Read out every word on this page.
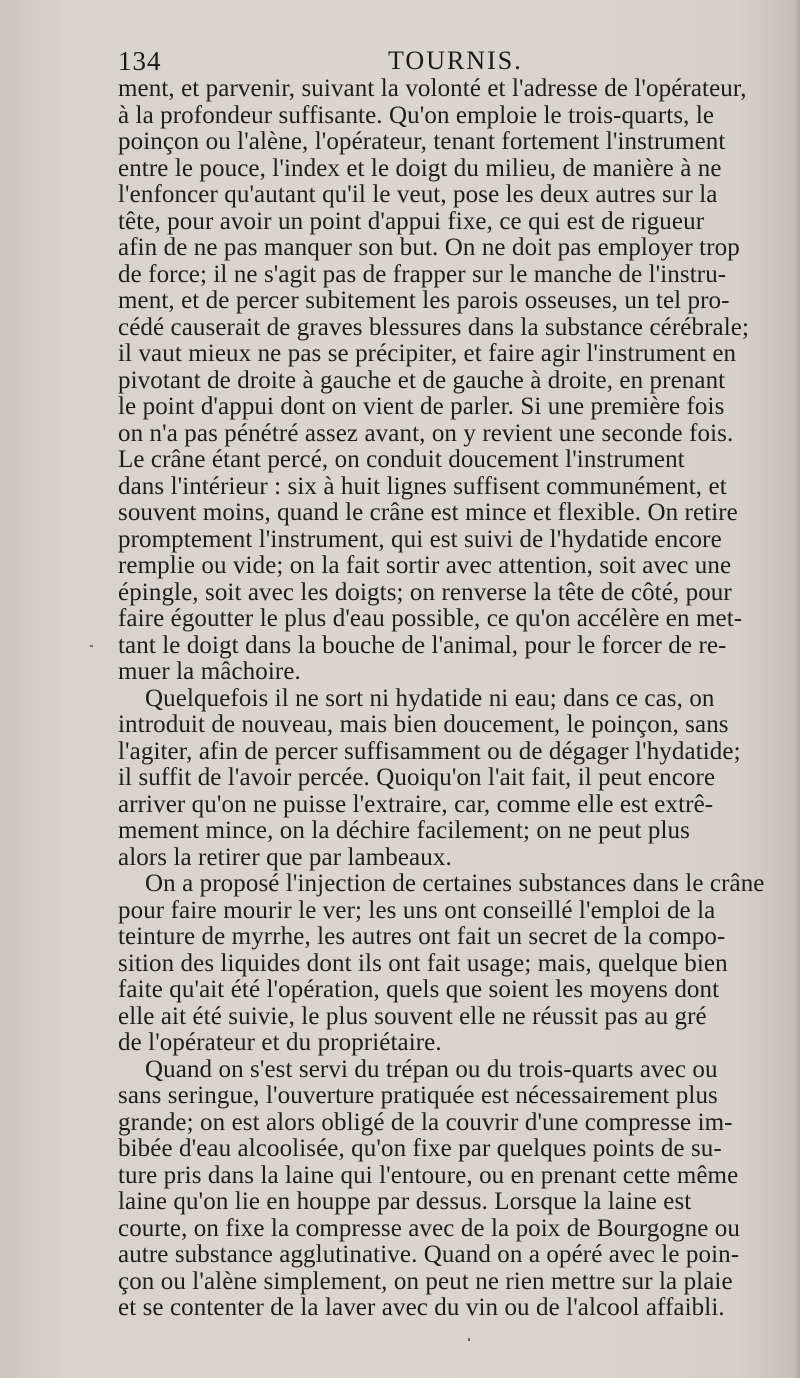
134	TOURNIS.
ment, et parvenir, suivant la volonté et l'adresse de l'opérateur,
à la profondeur suffisante. Qu'on emploie le trois-quarts, le
poinçon ou l'alène, l'opérateur, tenant fortement l'instrument
entre le pouce, l'index et le doigt du milieu, de manière à ne
l'enfoncer qu'autant qu'il le veut, pose les deux autres sur la
tête, pour avoir un point d'appui fixe, ce qui est de rigueur
afin de ne pas manquer son but. On ne doit pas employer trop
de force; il ne s'agit pas de frapper sur le manche de l'instru-
ment, et de percer subitement les parois osseuses, un tel pro-
cédé causerait de graves blessures dans la substance cérébrale;
il vaut mieux ne pas se précipiter, et faire agir l'instrument en
pivotant de droite à gauche et de gauche à droite, en prenant
le point d'appui dont on vient de parler. Si une première fois
on n'a pas pénétré assez avant, on y revient une seconde fois.
Le crâne étant percé, on conduit doucement l'instrument
dans l'intérieur : six à huit lignes suffisent communément, et
souvent moins, quand le crâne est mince et flexible. On retire
promptement l'instrument, qui est suivi de l'hydatide encore
remplie ou vide; on la fait sortir avec attention, soit avec une
épingle, soit avec les doigts; on renverse la tête de côté, pour
faire égoutter le plus d'eau possible, ce qu'on accélère en met-
tant le doigt dans la bouche de l'animal, pour le forcer de re-
muer la mâchoire.
Quelquefois il ne sort ni hydatide ni eau; dans ce cas, on
introduit de nouveau, mais bien doucement, le poinçon, sans
l'agiter, afin de percer suffisamment ou de dégager l'hydatide;
il suffit de l'avoir percée. Quoiqu'on l'ait fait, il peut encore
arriver qu'on ne puisse l'extraire, car, comme elle est extrê-
mement mince, on la déchire facilement; on ne peut plus
alors la retirer que par lambeaux.
On a proposé l'injection de certaines substances dans le crâne
pour faire mourir le ver; les uns ont conseillé l'emploi de la
teinture de myrrhe, les autres ont fait un secret de la compo-
sition des liquides dont ils ont fait usage; mais, quelque bien
faite qu'ait été l'opération, quels que soient les moyens dont
elle ait été suivie, le plus souvent elle ne réussit pas au gré
de l'opérateur et du propriétaire.
Quand on s'est servi du trépan ou du trois-quarts avec ou
sans seringue, l'ouverture pratiquée est nécessairement plus
grande; on est alors obligé de la couvrir d'une compresse im-
bibée d'eau alcoolisée, qu'on fixe par quelques points de su-
ture pris dans la laine qui l'entoure, ou en prenant cette même
laine qu'on lie en houppe par dessus. Lorsque la laine est
courte, on fixe la compresse avec de la poix de Bourgogne ou
autre substance agglutinative. Quand on a opéré avec le poin-
çon ou l'alène simplement, on peut ne rien mettre sur la plaie
et se contenter de la laver avec du vin ou de l'alcool affaibli.
